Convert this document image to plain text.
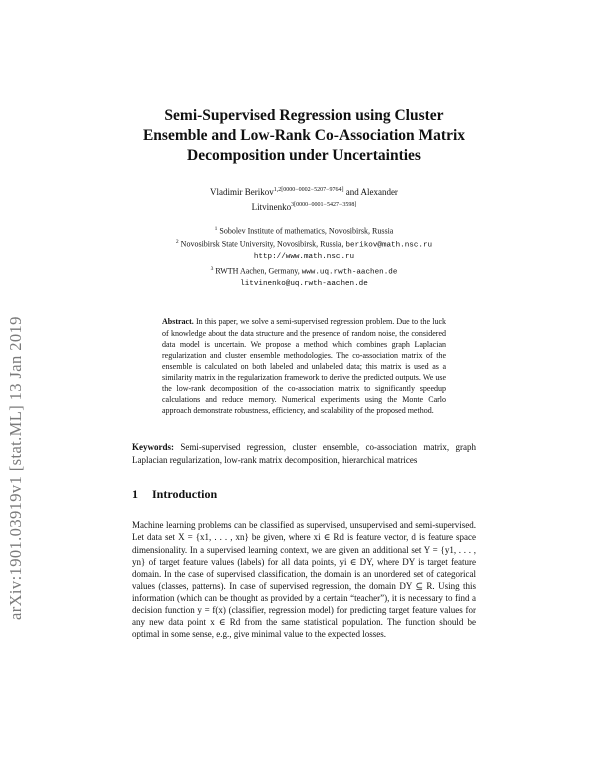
arXiv:1901.03919v1 [stat.ML] 13 Jan 2019
Semi-Supervised Regression using Cluster Ensemble and Low-Rank Co-Association Matrix Decomposition under Uncertainties
Vladimir Berikov$^{1,2[0000-0002-5207-9764]}$ and Alexander
Litvinenko$^{3[0000-0001-5427-3598]}$
$^1$ Sobolev Institute of mathematics, Novosibirsk, Russia
$^2$ Novosibirsk State University, Novosibirsk, Russia, berikov@math.nsc.ru
http://www.math.nsc.ru
$^3$ RWTH Aachen, Germany, www.uq.rwth-aachen.de
litvinenko@uq.rwth-aachen.de
Abstract. In this paper, we solve a semi-supervised regression problem. Due to the luck of knowledge about the data structure and the presence of random noise, the considered data model is uncertain. We propose a method which combines graph Laplacian regularization and cluster ensemble methodologies. The co-association matrix of the ensemble is calculated on both labeled and unlabeled data; this matrix is used as a similarity matrix in the regularization framework to derive the predicted outputs. We use the low-rank decomposition of the co-association matrix to significantly speedup calculations and reduce memory. Numerical experiments using the Monte Carlo approach demonstrate robustness, efficiency, and scalability of the proposed method.
Keywords: Semi-supervised regression, cluster ensemble, co-association matrix, graph Laplacian regularization, low-rank matrix decomposition, hierarchical matrices
1 Introduction
Machine learning problems can be classified as supervised, unsupervised and semi-supervised. Let data set X = {x1, . . . , xn} be given, where xi ∈ Rd is feature vector, d is feature space dimensionality. In a supervised learning context, we are given an additional set Y = {y1, . . . , yn} of target feature values (labels) for all data points, yi ∈ DY, where DY is target feature domain. In the case of supervised classification, the domain is an unordered set of categorical values (classes, patterns). In case of supervised regression, the domain DY ⊆ R. Using this information (which can be thought as provided by a certain “teacher”), it is necessary to find a decision function y = f(x) (classifier, regression model) for predicting target feature values for any new data point x ∈ Rd from the same statistical population. The function should be optimal in some sense, e.g., give minimal value to the expected losses.
